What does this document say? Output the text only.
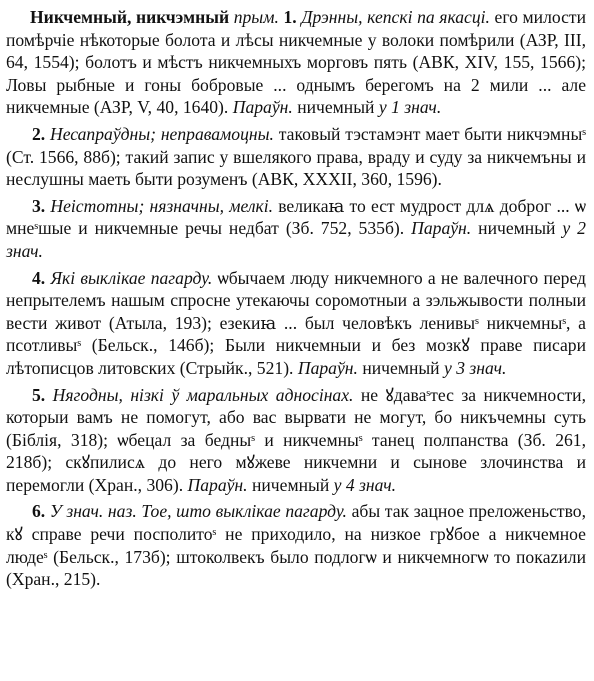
Никчемный, никчэмный прым. 1. Дрэнны, кепскі па якасці. его милости помѣрчіе нѣкоторые болота и лѣсы никчемные у волоки помѣрили (АЗР, III, 64, 1554); болотъ и мѣстъ никчемныхъ морговъ пять (АВК, XIV, 155, 1566); Ловы рыбные и гоны бобровые ... однымъ берегомъ на 2 мили ... але никчемные (АЗР, V, 40, 1640). Параўн. ничемный у 1 знач.

2. Несапраўдны; неправамоцны. таковый тэстамэнт мает быти никчэмныˢ (Ст. 1566, 88б); такий запис у вшелякого права, враду и суду за никчемъны и неслушны маеть быти розуменъ (АВК, XXXII, 360, 1596).

3. Неістотны; нязначны, мелкі. великаꙗ то ест мудрост длѧ доброг ... ѡ мнеˢшые и никчемные речы недбат (Зб. 752, 535б). Параўн. ничемный у 2 знач.

4. Які выклікае пагарду. ѡбычаем люду никчемного а не валечного перед непрытелемъ нашым спросне утекаючы соромотныи а зэльжывости полныи вести живот (Атыла, 193); езекиꙗ ... был человѣкъ ленивыˢ никчемныˢ, а псотливыˢ (Бельск., 146б); Были никчемныи и без мозкꙋ праве писари лѣтописцов литовских (Стрыйк., 521). Параўн. ничемный у 3 знач.

5. Нягодны, нізкі ў маральных адносінах. не ꙋдаваˢтес за никчемности, которыи вамъ не помогут, або вас вырвати не могут, бо никъчемны суть (Біблія, 318); ѡбецал за бедныˢ и никчемныˢ танец полпанства (Зб. 261, 218б); скꙋпилисѧ до него мꙋжеве никчемни и сынове злочинства и перемогли (Хран., 306). Параўн. ничемный у 4 знач.

6. У знач. наз. Тое, што выклікае пагарду. абы так зацное преложеньство, кꙋ справе речи посполитоˢ не приходило, на низкое грꙋбое а никчемное людеˢ (Бельск., 173б); штоколвекъ было подлогѡ и никчемногѡ то покazили (Хран., 215).
